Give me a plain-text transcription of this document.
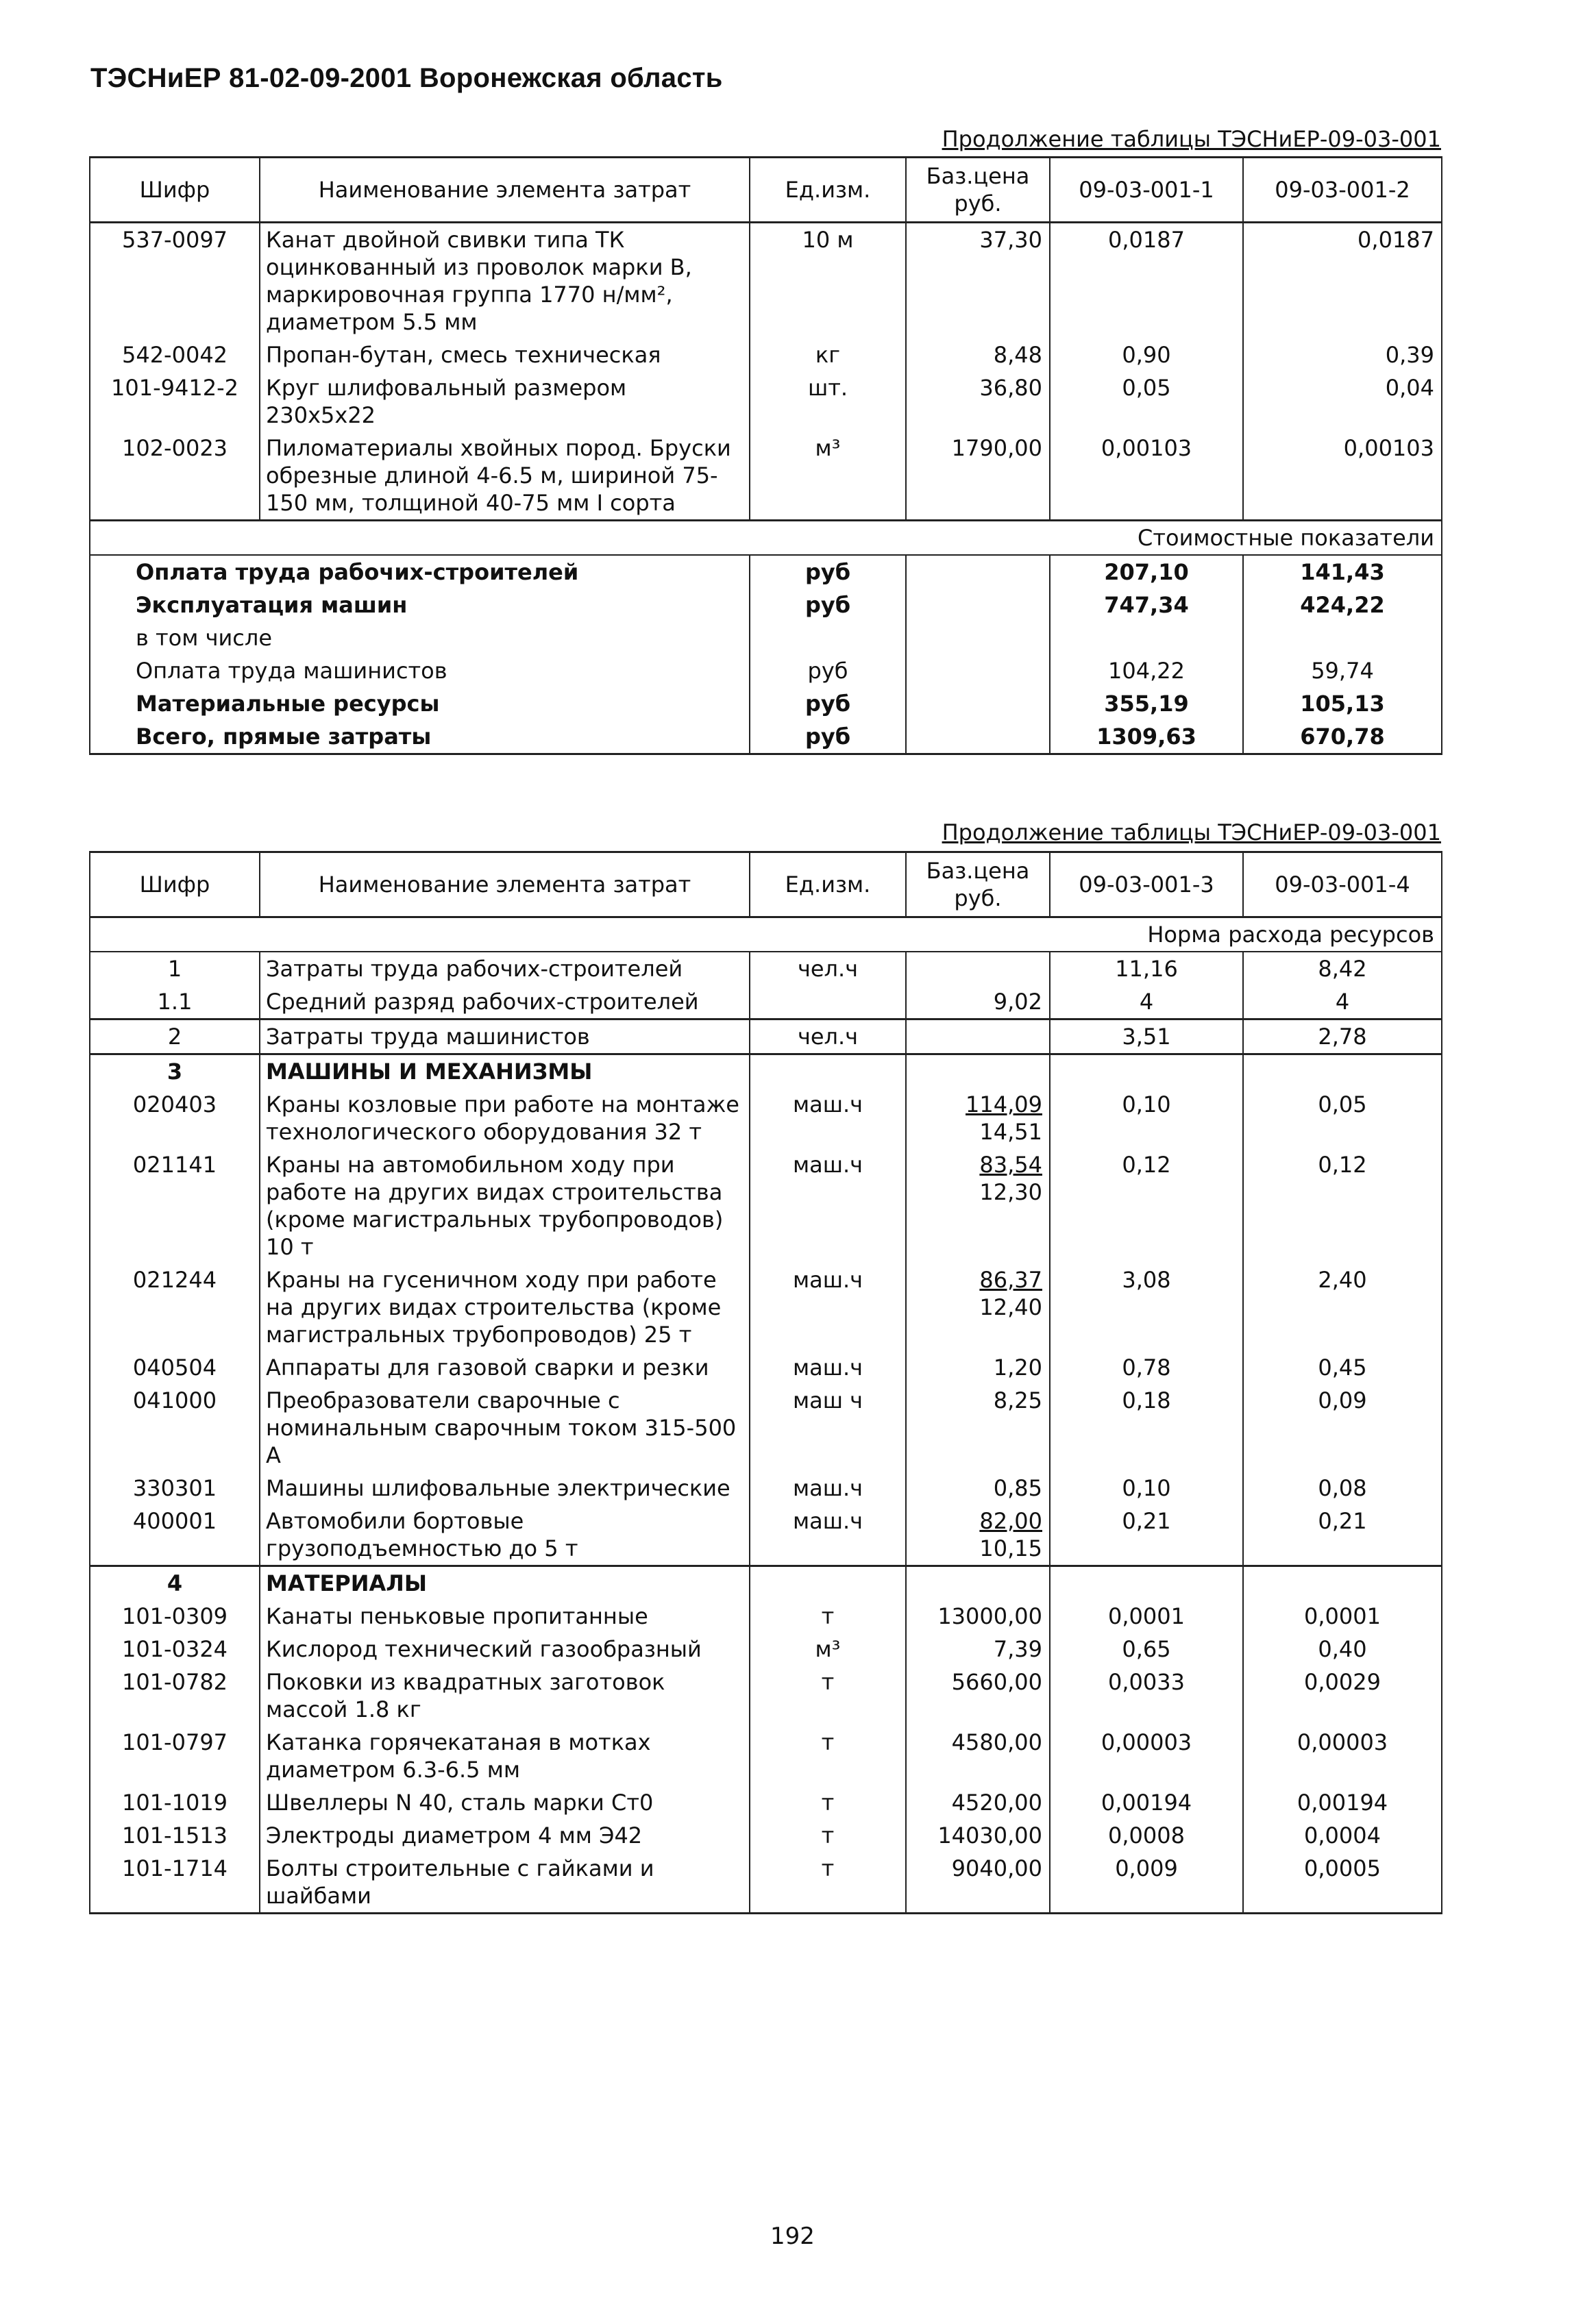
ТЭСНиЕР 81-02-09-2001 Воронежская область
Продолжение таблицы ТЭСНиЕР-09-03-001
Шифр	Наименование элемента затрат	Ед.изм.	Баз.цена руб.	09-03-001-1	09-03-001-2
537-0097	Канат двойной свивки типа ТК оцинкованный из проволок марки В, маркировочная группа 1770 н/мм², диаметром 5.5 мм	10 м	37,30	0,0187	0,0187
542-0042	Пропан-бутан, смесь техническая	кг	8,48	0,90	0,39
101-9412-2	Круг шлифовальный размером 230х5х22	шт.	36,80	0,05	0,04
102-0023	Пиломатериалы хвойных пород. Бруски обрезные длиной 4-6.5 м, шириной 75-150 мм, толщиной 40-75 мм I сорта	м³	1790,00	0,00103	0,00103
Стоимостные показатели					
Оплата труда рабочих-строителей		руб		207,10	141,43
Эксплуатация машин		руб		747,34	424,22
в том числе					
Оплата труда машинистов		руб		104,22	59,74
Материальные ресурсы		руб		355,19	105,13
Всего, прямые затраты		руб		1309,63	670,78
Продолжение таблицы ТЭСНиЕР-09-03-001
Шифр	Наименование элемента затрат	Ед.изм.	Баз.цена руб.	09-03-001-3	09-03-001-4
Норма расхода ресурсов					
1	Затраты труда рабочих-строителей	чел.ч		11,16	8,42
1.1	Средний разряд рабочих-строителей		9,02	4	4
2	Затраты труда машинистов	чел.ч		3,51	2,78
3	МАШИНЫ И МЕХАНИЗМЫ				
020403	Краны козловые при работе на монтаже технологического оборудования 32 т	маш.ч	$\frac{114,09}{14,51}$	0,10	0,05
021141	Краны на автомобильном ходу при работе на других видах строительства (кроме магистральных трубопроводов) 10 т	маш.ч	$\frac{83,54}{12,30}$	0,12	0,12
021244	Краны на гусеничном ходу при работе на других видах строительства (кроме магистральных трубопроводов) 25 т	маш.ч	$\frac{86,37}{12,40}$	3,08	2,40
040504	Аппараты для газовой сварки и резки	маш.ч	1,20	0,78	0,45
041000	Преобразователи сварочные с номинальным сварочным током 315-500 А	маш ч	8,25	0,18	0,09
330301	Машины шлифовальные электрические	маш.ч	0,85	0,10	0,08
400001	Автомобили бортовые грузоподъемностью до 5 т	маш.ч	$\frac{82,00}{10,15}$	0,21	0,21
4	МАТЕРИАЛЫ				
101-0309	Канаты пеньковые пропитанные	т	13000,00	0,0001	0,0001
101-0324	Кислород технический газообразный	м³	7,39	0,65	0,40
101-0782	Поковки из квадратных заготовок массой 1.8 кг	т	5660,00	0,0033	0,0029
101-0797	Катанка горячекатаная в мотках диаметром 6.3-6.5 мм	т	4580,00	0,00003	0,00003
101-1019	Швеллеры N 40, сталь марки Ст0	т	4520,00	0,00194	0,00194
101-1513	Электроды диаметром 4 мм Э42	т	14030,00	0,0008	0,0004
101-1714	Болты строительные с гайками и шайбами	т	9040,00	0,009	0,0005
192
